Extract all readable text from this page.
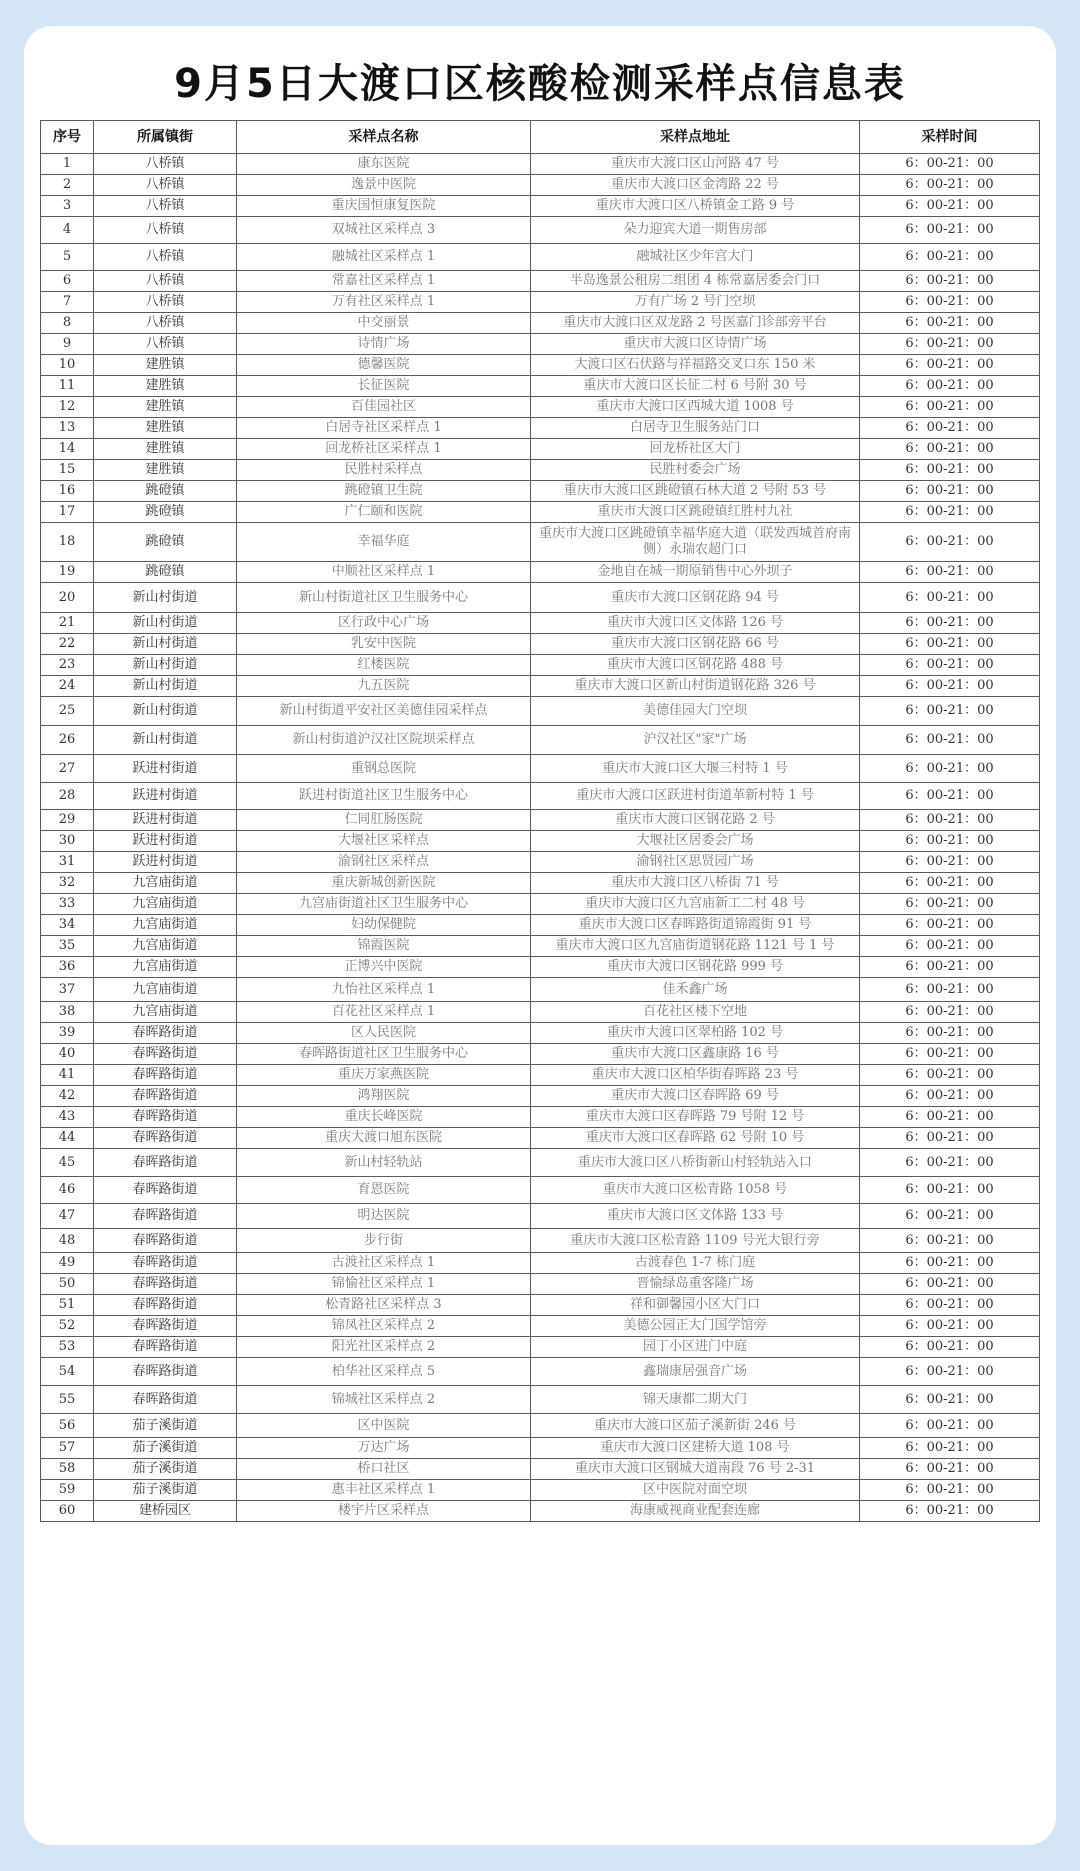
9月5日大渡口区核酸检测采样点信息表
序号	所属镇街	采样点名称	采样点地址	采样时间
1	八桥镇	康东医院	重庆市大渡口区山河路 47 号	6：00-21：00
2	八桥镇	逸景中医院	重庆市大渡口区金湾路 22 号	6：00-21：00
3	八桥镇	重庆国恒康复医院	重庆市大渡口区八桥镇金工路 9 号	6：00-21：00
4	八桥镇	双城社区采样点 3	朵力迎宾大道一期售房部	6：00-21：00
5	八桥镇	融城社区采样点 1	融城社区少年宫大门	6：00-21：00
6	八桥镇	常嘉社区采样点 1	半岛逸景公租房二组团 4 栋常嘉居委会门口	6：00-21：00
7	八桥镇	万有社区采样点 1	万有广场 2 号门空坝	6：00-21：00
8	八桥镇	中交丽景	重庆市大渡口区双龙路 2 号医嘉门诊部旁平台	6：00-21：00
9	八桥镇	诗情广场	重庆市大渡口区诗情广场	6：00-21：00
10	建胜镇	德馨医院	大渡口区石伏路与祥福路交叉口东 150 米	6：00-21：00
11	建胜镇	长征医院	重庆市大渡口区长征二村 6 号附 30 号	6：00-21：00
12	建胜镇	百佳园社区	重庆市大渡口区西城大道 1008 号	6：00-21：00
13	建胜镇	白居寺社区采样点 1	白居寺卫生服务站门口	6：00-21：00
14	建胜镇	回龙桥社区采样点 1	回龙桥社区大门	6：00-21：00
15	建胜镇	民胜村采样点	民胜村委会广场	6：00-21：00
16	跳磴镇	跳磴镇卫生院	重庆市大渡口区跳磴镇石林大道 2 号附 53 号	6：00-21：00
17	跳磴镇	广仁颐和医院	重庆市大渡口区跳磴镇红胜村九社	6：00-21：00
18	跳磴镇	幸福华庭	重庆市大渡口区跳磴镇幸福华庭大道（联发西城首府南侧）永瑞农超门口	6：00-21：00
19	跳磴镇	中顺社区采样点 1	金地自在城一期原销售中心外坝子	6：00-21：00
20	新山村街道	新山村街道社区卫生服务中心	重庆市大渡口区钢花路 94 号	6：00-21：00
21	新山村街道	区行政中心广场	重庆市大渡口区文体路 126 号	6：00-21：00
22	新山村街道	乳安中医院	重庆市大渡口区钢花路 66 号	6：00-21：00
23	新山村街道	红楼医院	重庆市大渡口区钢花路 488 号	6：00-21：00
24	新山村街道	九五医院	重庆市大渡口区新山村街道钢花路 326 号	6：00-21：00
25	新山村街道	新山村街道平安社区美德佳园采样点	美德佳园大门空坝	6：00-21：00
26	新山村街道	新山村街道沪汉社区院坝采样点	沪汉社区"家"广场	6：00-21：00
27	跃进村街道	重钢总医院	重庆市大渡口区大堰三村特 1 号	6：00-21：00
28	跃进村街道	跃进村街道社区卫生服务中心	重庆市大渡口区跃进村街道革新村特 1 号	6：00-21：00
29	跃进村街道	仁同肛肠医院	重庆市大渡口区钢花路 2 号	6：00-21：00
30	跃进村街道	大堰社区采样点	大堰社区居委会广场	6：00-21：00
31	跃进村街道	渝钢社区采样点	渝钢社区思贤园广场	6：00-21：00
32	九宫庙街道	重庆新城创新医院	重庆市大渡口区八桥街 71 号	6：00-21：00
33	九宫庙街道	九宫庙街道社区卫生服务中心	重庆市大渡口区九宫庙新工二村 48 号	6：00-21：00
34	九宫庙街道	妇幼保健院	重庆市大渡口区春晖路街道锦霞街 91 号	6：00-21：00
35	九宫庙街道	锦霞医院	重庆市大渡口区九宫庙街道钢花路 1121 号 1 号	6：00-21：00
36	九宫庙街道	正博兴中医院	重庆市大渡口区钢花路 999 号	6：00-21：00
37	九宫庙街道	九怡社区采样点 1	佳禾鑫广场	6：00-21：00
38	九宫庙街道	百花社区采样点 1	百花社区楼下空地	6：00-21：00
39	春晖路街道	区人民医院	重庆市大渡口区翠柏路 102 号	6：00-21：00
40	春晖路街道	春晖路街道社区卫生服务中心	重庆市大渡口区鑫康路 16 号	6：00-21：00
41	春晖路街道	重庆万家燕医院	重庆市大渡口区柏华街春晖路 23 号	6：00-21：00
42	春晖路街道	鸿翔医院	重庆市大渡口区春晖路 69 号	6：00-21：00
43	春晖路街道	重庆长峰医院	重庆市大渡口区春晖路 79 号附 12 号	6：00-21：00
44	春晖路街道	重庆大渡口旭东医院	重庆市大渡口区春晖路 62 号附 10 号	6：00-21：00
45	春晖路街道	新山村轻轨站	重庆市大渡口区八桥街新山村轻轨站入口	6：00-21：00
46	春晖路街道	育恩医院	重庆市大渡口区松青路 1058 号	6：00-21：00
47	春晖路街道	明达医院	重庆市大渡口区文体路 133 号	6：00-21：00
48	春晖路街道	步行街	重庆市大渡口区松青路 1109 号光大银行旁	6：00-21：00
49	春晖路街道	古渡社区采样点 1	古渡春色 1-7 栋门庭	6：00-21：00
50	春晖路街道	锦愉社区采样点 1	晋愉绿岛重客隆广场	6：00-21：00
51	春晖路街道	松青路社区采样点 3	祥和御馨园小区大门口	6：00-21：00
52	春晖路街道	锦凤社区采样点 2	美德公园正大门国学馆旁	6：00-21：00
53	春晖路街道	阳光社区采样点 2	园丁小区进门中庭	6：00-21：00
54	春晖路街道	柏华社区采样点 5	鑫瑞康居强音广场	6：00-21：00
55	春晖路街道	锦城社区采样点 2	锦天康都二期大门	6：00-21：00
56	茄子溪街道	区中医院	重庆市大渡口区茄子溪新街 246 号	6：00-21：00
57	茄子溪街道	万达广场	重庆市大渡口区建桥大道 108 号	6：00-21：00
58	茄子溪街道	桥口社区	重庆市大渡口区钢城大道南段 76 号 2-31	6：00-21：00
59	茄子溪街道	惠丰社区采样点 1	区中医院对面空坝	6：00-21：00
60	建桥园区	楼宇片区采样点	海康威视商业配套连廊	6：00-21：00
